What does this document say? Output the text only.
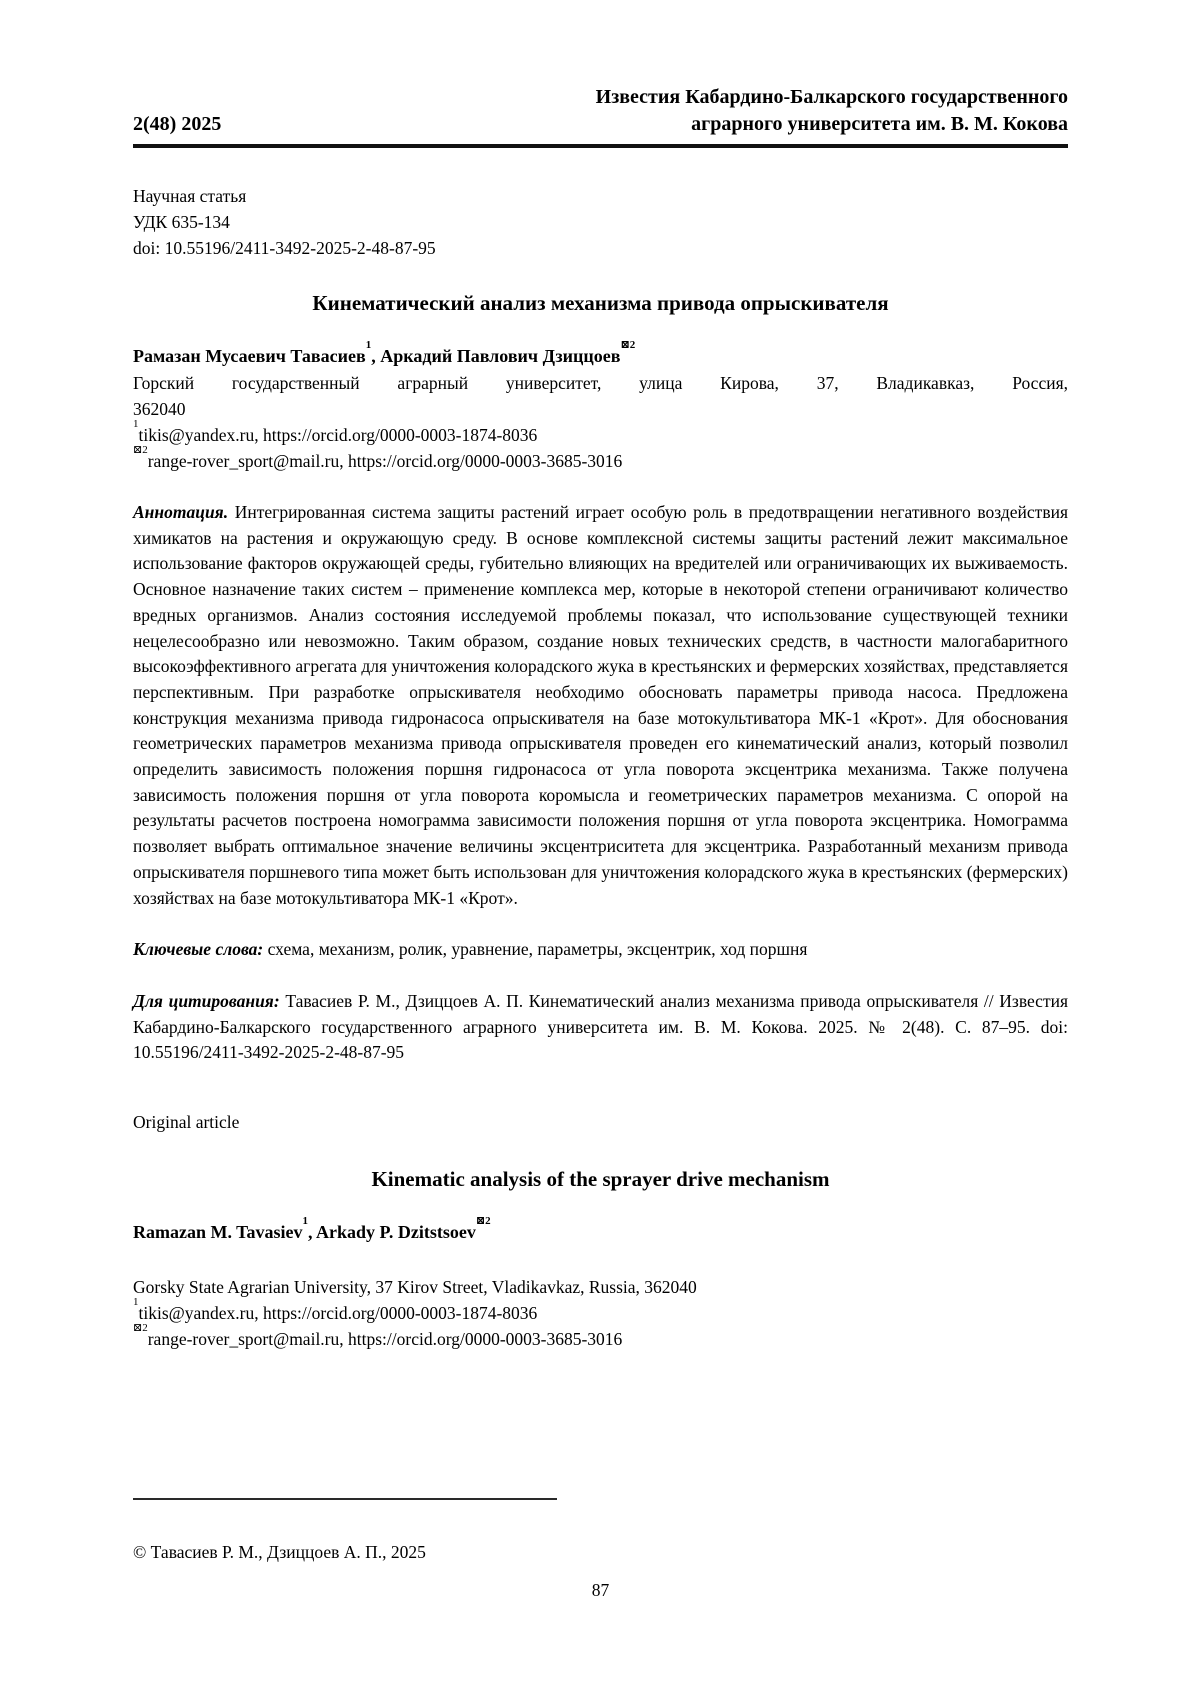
2(48) 2025
Известия Кабардино-Балкарского государственного
аграрного университета им. В. М. Кокова
Научная статья
УДК 635-134
doi: 10.55196/2411-3492-2025-2-48-87-95
Кинематический анализ механизма привода опрыскивателя
Рамазан Мусаевич Тавасиев$^1$, Аркадий Павлович Дзиццоев$^{⊠2}$
Горский государственный аграрный университет, улица Кирова, 37, Владикавказ, Россия,
362040
$^1$tikis@yandex.ru, https://orcid.org/0000-0003-1874-8036
$^{⊠2}$range-rover_sport@mail.ru, https://orcid.org/0000-0003-3685-3016

Аннотация. Интегрированная система защиты растений играет особую роль в предотвращении негативного воздействия химикатов на растения и окружающую среду. В основе комплексной системы защиты растений лежит максимальное использование факторов окружающей среды, губительно влияющих на вредителей или ограничивающих их выживаемость. Основное назначение таких систем – применение комплекса мер, которые в некоторой степени ограничивают количество вредных организмов. Анализ состояния исследуемой проблемы показал, что использование существующей техники нецелесообразно или невозможно. Таким образом, создание новых технических средств, в частности малогабаритного высокоэффективного агрегата для уничтожения колорадского жука в крестьянских и фермерских хозяйствах, представляется перспективным. При разработке опрыскивателя необходимо обосновать параметры привода насоса. Предложена конструкция механизма привода гидронасоса опрыскивателя на базе мотокультиватора МК-1 «Крот». Для обоснования геометрических параметров механизма привода опрыскивателя проведен его кинематический анализ, который позволил определить зависимость положения поршня гидронасоса от угла поворота эксцентрика механизма. Также получена зависимость положения поршня от угла поворота коромысла и геометрических параметров механизма. С опорой на результаты расчетов построена номограмма зависимости положения поршня от угла поворота эксцентрика. Номограмма позволяет выбрать оптимальное значение величины эксцентриситета для эксцентрика. Разработанный механизм привода опрыскивателя поршневого типа может быть использован для уничтожения колорадского жука в крестьянских (фермерских) хозяйствах на базе мотокультиватора МК-1 «Крот».

Ключевые слова: схема, механизм, ролик, уравнение, параметры, эксцентрик, ход поршня

Для цитирования: Тавасиев Р. М., Дзиццоев А. П. Кинематический анализ механизма привода опрыскивателя // Известия Кабардино-Балкарского государственного аграрного университета им. В. М. Кокова. 2025. № 2(48). С. 87–95. doi: 10.55196/2411-3492-2025-2-48-87-95

Original article
Kinematic analysis of the sprayer drive mechanism
Ramazan M. Tavasiev$^1$, Arkady P. Dzitstsoev$^{⊠2}$
Gorsky State Agrarian University, 37 Kirov Street, Vladikavkaz, Russia, 362040
$^1$tikis@yandex.ru, https://orcid.org/0000-0003-1874-8036
$^{⊠2}$range-rover_sport@mail.ru, https://orcid.org/0000-0003-3685-3016
© Тавасиев Р. М., Дзиццоев А. П., 2025
87
